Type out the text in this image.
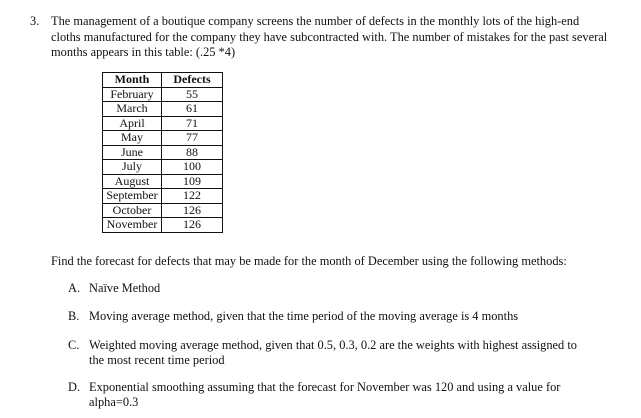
3. The management of a boutique company screens the number of defects in the monthly lots of the high-end cloths manufactured for the company they have subcontracted with. The number of mistakes for the past several months appears in this table: (.25 *4)
Month	Defects
February	55
March	61
April	71
May	77
June	88
July	100
August	109
September	122
October	126
November	126
Find the forecast for defects that may be made for the month of December using the following methods:
A. Naïve Method
B. Moving average method, given that the time period of the moving average is 4 months
C. Weighted moving average method, given that 0.5, 0.3, 0.2 are the weights with highest assigned to the most recent time period
D. Exponential smoothing assuming that the forecast for November was 120 and using a value for alpha=0.3
